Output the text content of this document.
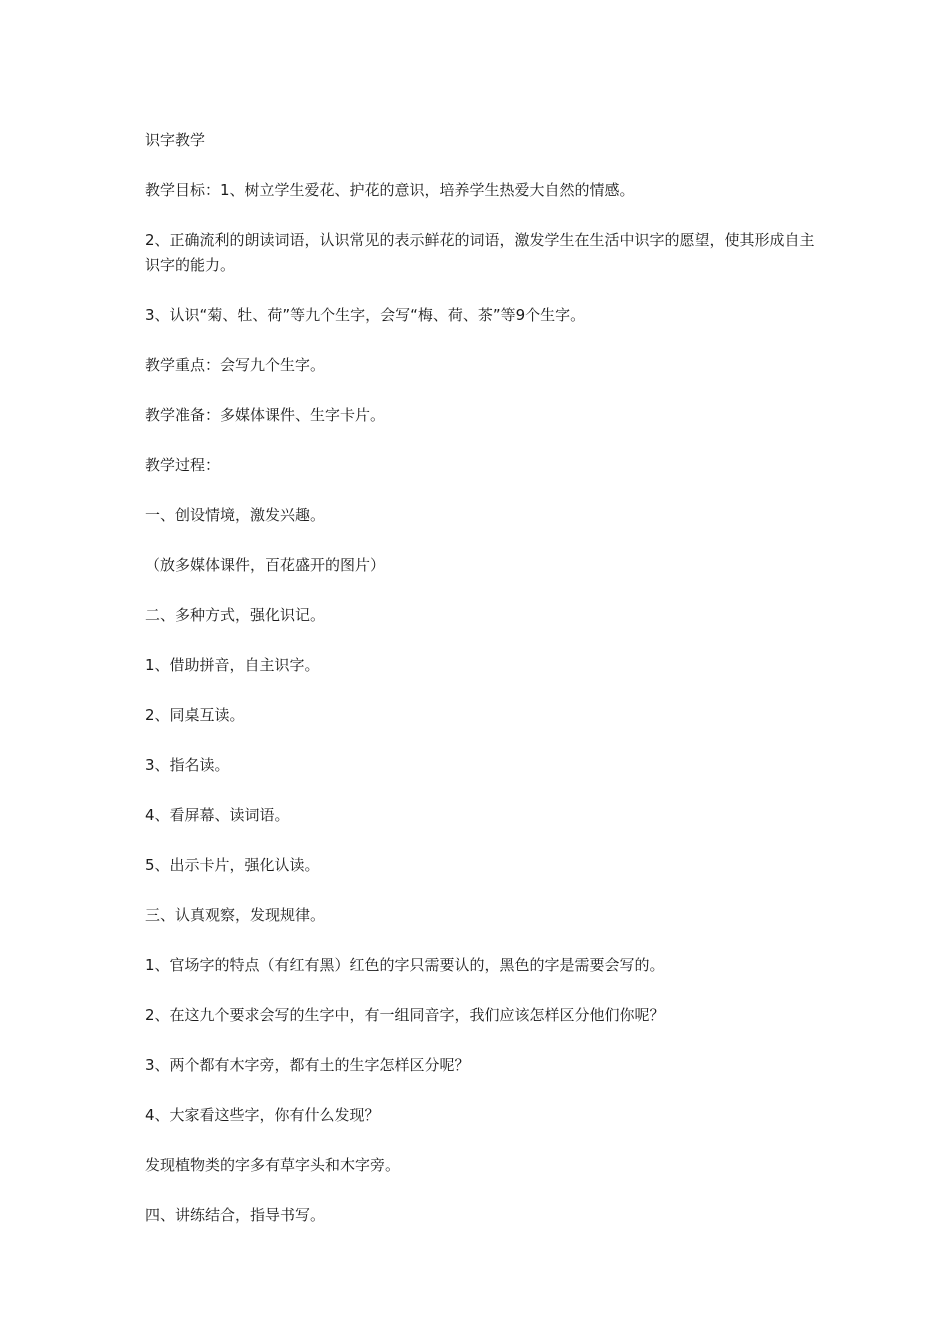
识字教学

教学目标：1、树立学生爱花、护花的意识，培养学生热爱大自然的情感。

2、正确流利的朗读词语，认识常见的表示鲜花的词语，激发学生在生活中识字的愿望，使其形成自主识字的能力。

3、认识“菊、牡、荷”等九个生字，会写“梅、荷、茶”等9个生字。

教学重点：会写九个生字。

教学准备：多媒体课件、生字卡片。

教学过程：

一、创设情境，激发兴趣。

（放多媒体课件，百花盛开的图片）

二、多种方式，强化识记。

1、借助拼音，自主识字。

2、同桌互读。

3、指名读。

4、看屏幕、读词语。

5、出示卡片，强化认读。

三、认真观察，发现规律。

1、官场字的特点（有红有黑）红色的字只需要认的，黑色的字是需要会写的。

2、在这九个要求会写的生字中，有一组同音字，我们应该怎样区分他们你呢？

3、两个都有木字旁，都有土的生字怎样区分呢？

4、大家看这些字，你有什么发现？

发现植物类的字多有草字头和木字旁。

四、讲练结合，指导书写。
